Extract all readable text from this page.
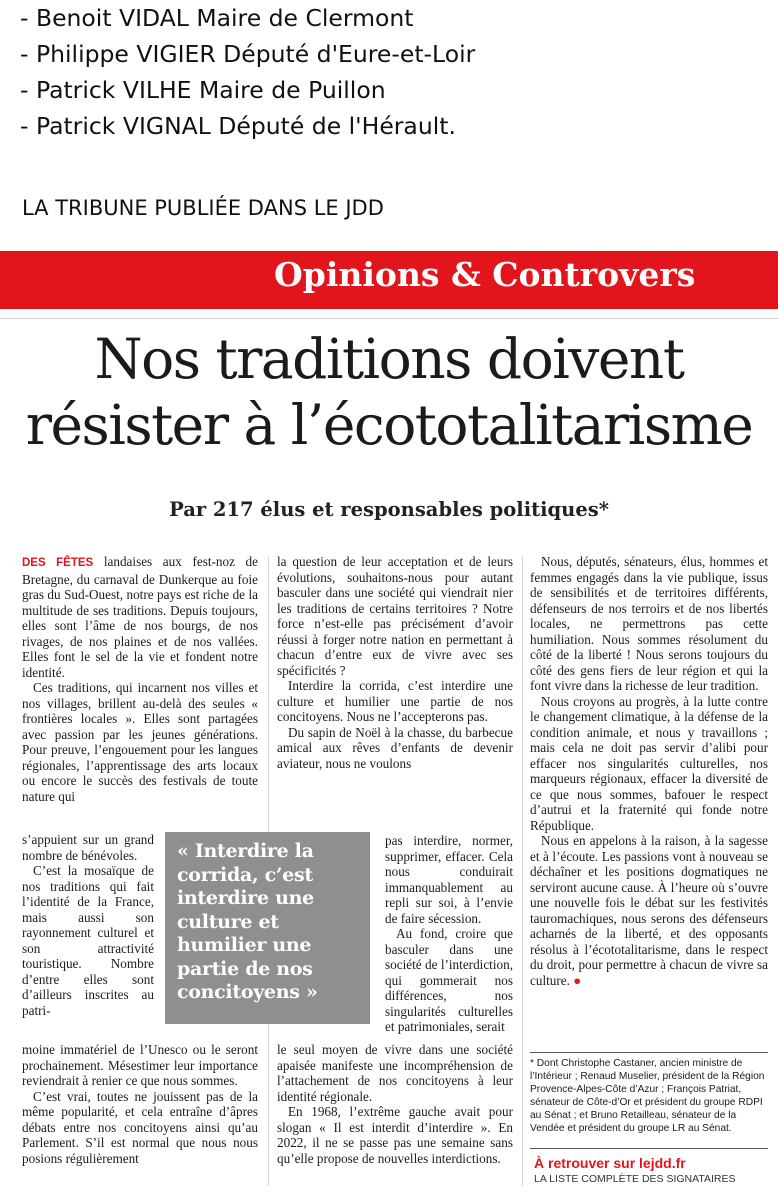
- Benoit VIDAL Maire de Clermont
- Philippe VIGIER Député d'Eure-et-Loir
- Patrick VILHE Maire de Puillon
- Patrick VIGNAL Député de l'Hérault.
LA TRIBUNE PUBLIÉE DANS LE JDD
Opinions & Controvers
Nos traditions doivent
résister à l’écototalitarisme
Par 217 élus et responsables politiques*

DES FÊTES landaises aux fest-noz de Bretagne, du carnaval de Dunkerque au foie gras du Sud-Ouest, notre pays est riche de la multitude de ses traditions. Depuis toujours, elles sont l’âme de nos bourgs, de nos rivages, de nos plaines et de nos vallées. Elles font le sel de la vie et fondent notre identité.

Ces traditions, qui incarnent nos villes et nos villages, brillent au-delà des seules « frontières locales ». Elles sont partagées avec passion par les jeunes générations. Pour preuve, l’engouement pour les langues régionales, l’apprentissage des arts locaux ou encore le succès des festivals de toute nature qui

s’appuient sur un grand nombre de bénévoles.

C’est la mosaïque de nos traditions qui fait l’identité de la France, mais aussi son rayonnement culturel et son attractivité touristique. Nombre d’entre elles sont d’ailleurs inscrites au patri-

moine immatériel de l’Unesco ou le seront prochainement. Mésestimer leur importance reviendrait à renier ce que nous sommes.

C’est vrai, toutes ne jouissent pas de la même popularité, et cela entraîne d’âpres débats entre nos concitoyens ainsi qu’au Parlement. S’il est normal que nous nous posions régulièrement

la question de leur acceptation et de leurs évolutions, souhaitons-nous pour autant basculer dans une société qui viendrait nier les traditions de certains territoires ? Notre force n’est-elle pas précisément d’avoir réussi à forger notre nation en permettant à chacun d’entre eux de vivre avec ses spécificités ?

Interdire la corrida, c’est interdire une culture et humilier une partie de nos concitoyens. Nous ne l’accepterons pas.

Du sapin de Noël à la chasse, du barbecue amical aux rêves d’enfants de devenir aviateur, nous ne voulons

pas interdire, normer, supprimer, effacer. Cela nous conduirait immanquablement au repli sur soi, à l’envie de faire sécession.

Au fond, croire que basculer dans une société de l’interdiction, qui gommerait nos différences, nos singularités culturelles et patrimoniales, serait

le seul moyen de vivre dans une société apaisée manifeste une incompréhension de l’attachement de nos concitoyens à leur identité régionale.

En 1968, l’extrême gauche avait pour slogan « Il est interdit d’interdire ». En 2022, il ne se passe pas une semaine sans qu’elle propose de nouvelles interdictions.

« Interdire la corrida, c’est interdire une culture et humilier une partie de nos concitoyens »

Nous, députés, sénateurs, élus, hommes et femmes engagés dans la vie publique, issus de sensibilités et de territoires différents, défenseurs de nos terroirs et de nos libertés locales, ne permettrons pas cette humiliation. Nous sommes résolument du côté de la liberté ! Nous serons toujours du côté des gens fiers de leur région et qui la font vivre dans la richesse de leur tradition.

Nous croyons au progrès, à la lutte contre le changement climatique, à la défense de la condition animale, et nous y travaillons ; mais cela ne doit pas servir d’alibi pour effacer nos singularités culturelles, nos marqueurs régionaux, effacer la diversité de ce que nous sommes, bafouer le respect d’autrui et la fraternité qui fonde notre République.

Nous en appelons à la raison, à la sagesse et à l’écoute. Les passions vont à nouveau se déchaîner et les positions dogmatiques ne serviront aucune cause. À l’heure où s’ouvre une nouvelle fois le débat sur les festivités tauromachiques, nous serons des défenseurs acharnés de la liberté, et des opposants résolus à l’écototalitarisme, dans le respect du droit, pour permettre à chacun de vivre sa culture. ●

* Dont Christophe Castaner, ancien ministre de l’Intérieur ; Renaud Muselier, président de la Région Provence-Alpes-Côte d’Azur ; François Patriat, sénateur de Côte-d’Or et président du groupe RDPI au Sénat ; et Bruno Retailleau, sénateur de la Vendée et président du groupe LR au Sénat.

À retrouver sur lejdd.fr
LA LISTE COMPLÈTE DES SIGNATAIRES
